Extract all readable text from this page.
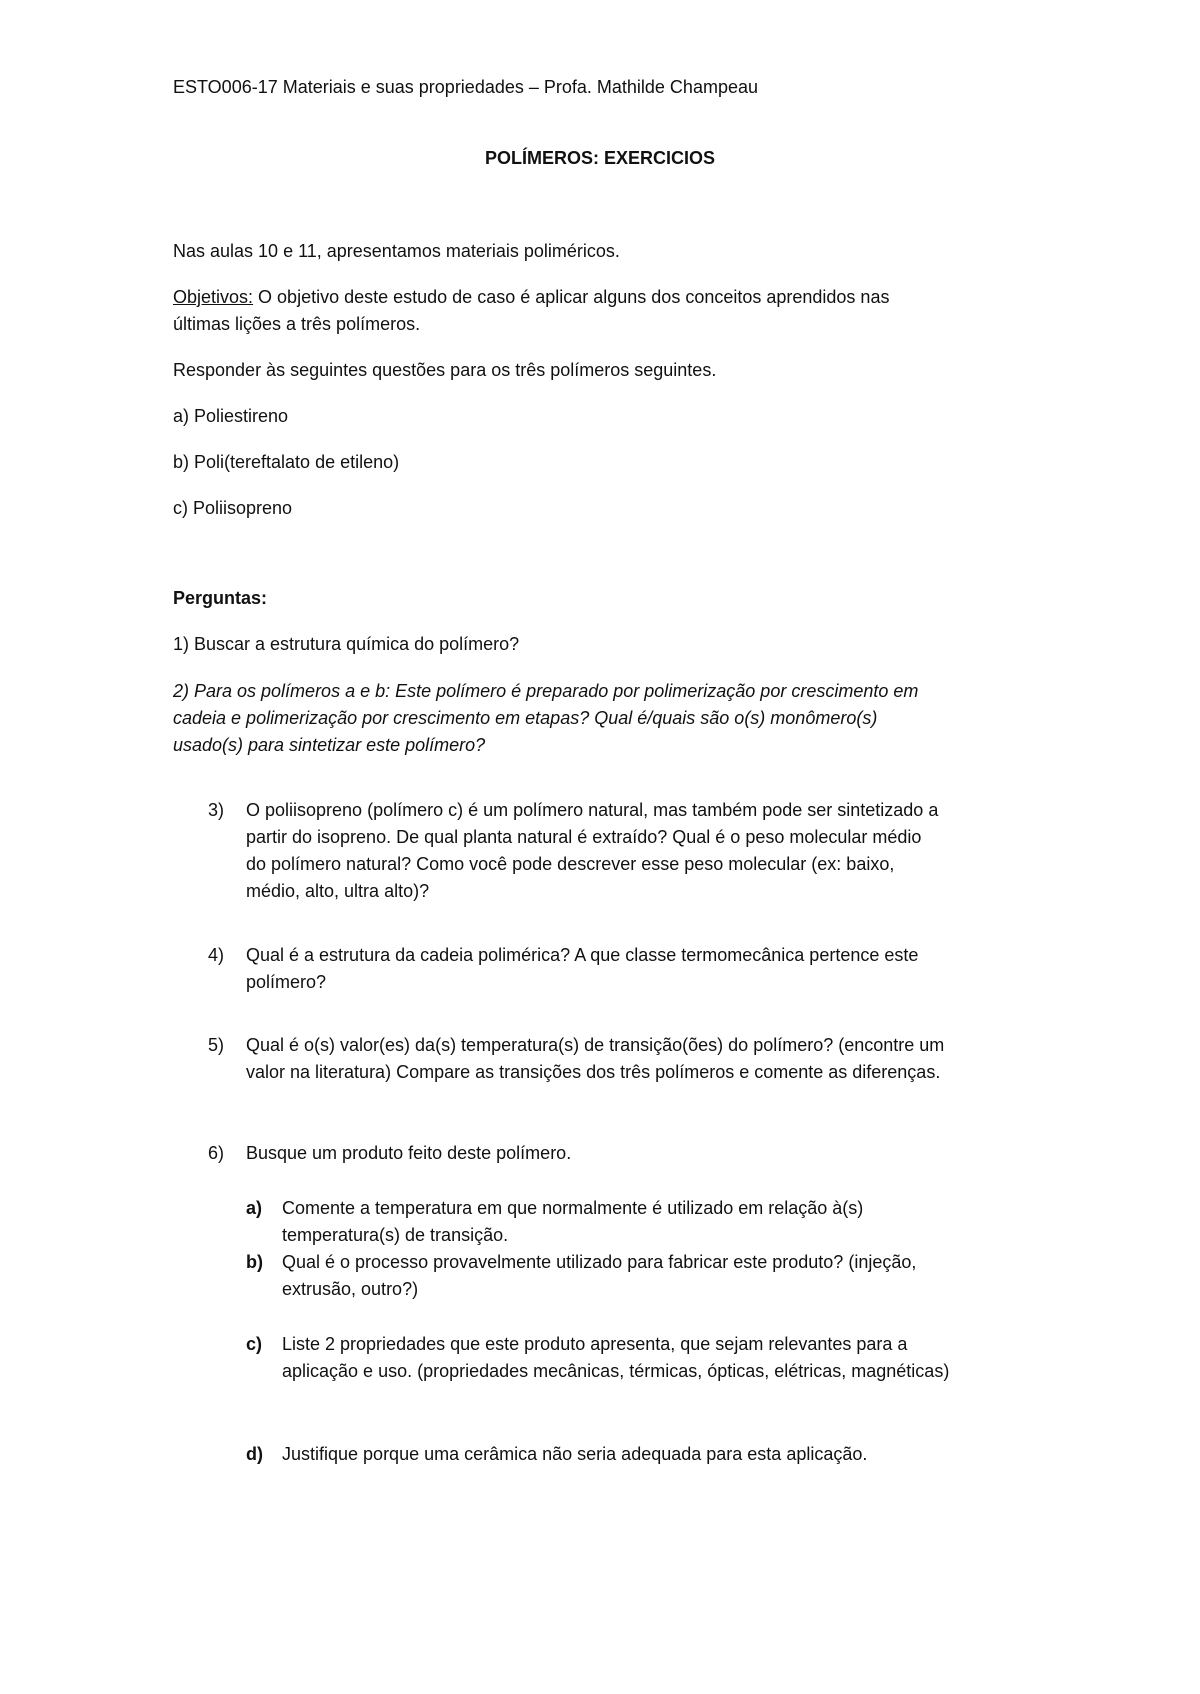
ESTO006-17 Materiais e suas propriedades – Profa. Mathilde Champeau
POLÍMEROS: EXERCICIOS
Nas aulas 10 e 11, apresentamos materiais poliméricos.
Objetivos: O objetivo deste estudo de caso é aplicar alguns dos conceitos aprendidos nas
últimas lições a três polímeros.
Responder às seguintes questões para os três polímeros seguintes.
a) Poliestireno
b) Poli(tereftalato de etileno)
c) Poliisopreno
Perguntas:
1) Buscar a estrutura química do polímero?
2) Para os polímeros a e b: Este polímero é preparado por polimerização por crescimento em
cadeia e polimerização por crescimento em etapas? Qual é/quais são o(s) monômero(s)
usado(s) para sintetizar este polímero?
3) O poliisopreno (polímero c) é um polímero natural, mas também pode ser sintetizado a
partir do isopreno. De qual planta natural é extraído? Qual é o peso molecular médio
do polímero natural? Como você pode descrever esse peso molecular (ex: baixo,
médio, alto, ultra alto)?
4) Qual é a estrutura da cadeia polimérica? A que classe termomecânica pertence este
polímero?
5) Qual é o(s) valor(es) da(s) temperatura(s) de transição(ões) do polímero? (encontre um
valor na literatura) Compare as transições dos três polímeros e comente as diferenças.
6) Busque um produto feito deste polímero.
a) Comente a temperatura em que normalmente é utilizado em relação à(s)
temperatura(s) de transição.
b) Qual é o processo provavelmente utilizado para fabricar este produto? (injeção,
extrusão, outro?)
c) Liste 2 propriedades que este produto apresenta, que sejam relevantes para a
aplicação e uso. (propriedades mecânicas, térmicas, ópticas, elétricas, magnéticas)
d) Justifique porque uma cerâmica não seria adequada para esta aplicação.
